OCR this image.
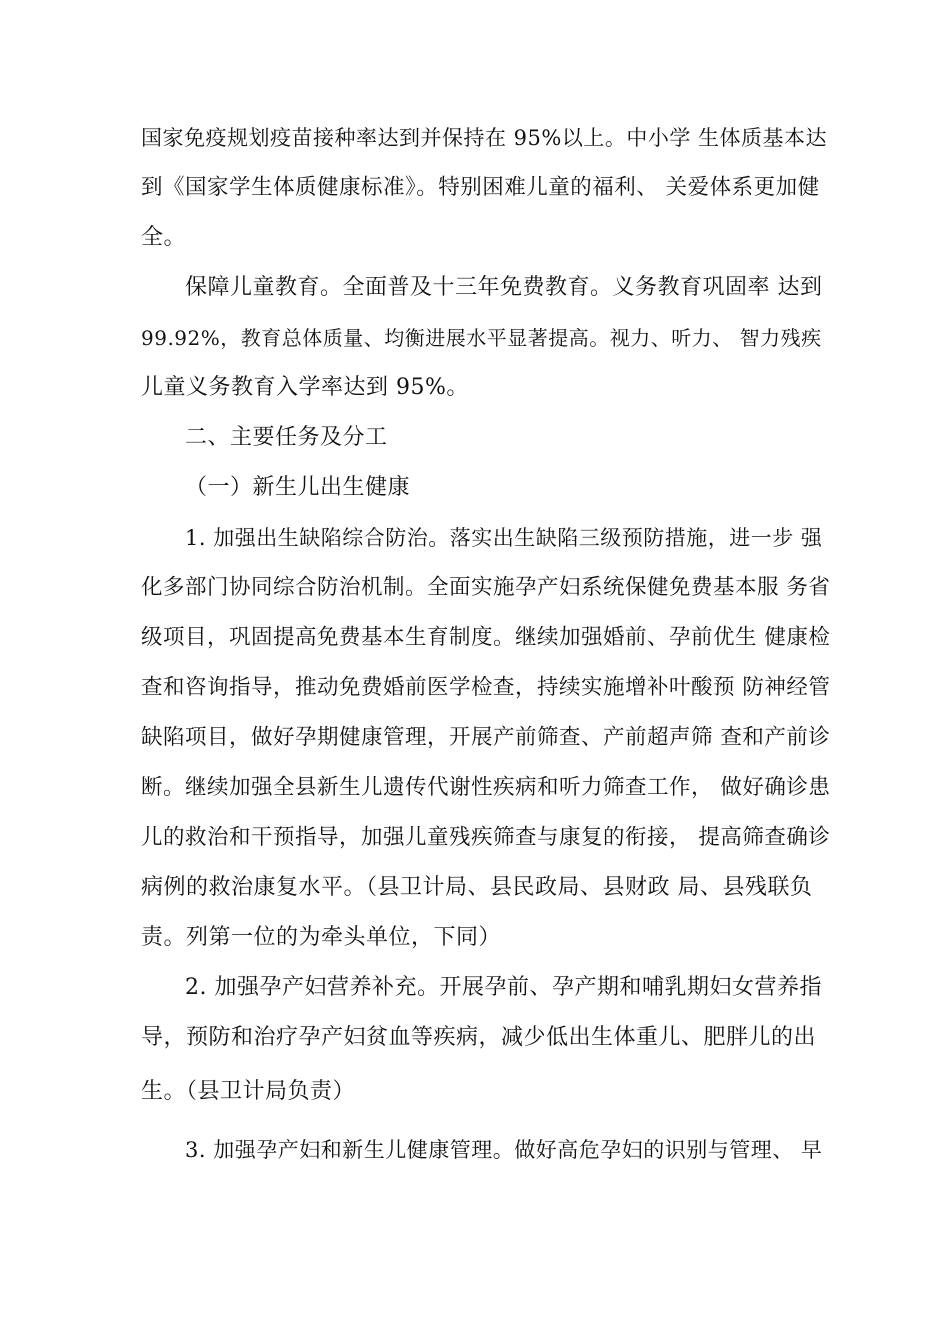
国家免疫规划疫苗接种率达到并保持在 95%以上。中小学 生体质基本达
到《国家学生体质健康标准》。特别困难儿童的福利、 关爱体系更加健
全。
保障儿童教育。全面普及十三年免费教育。义务教育巩固率 达到
99.92%，教育总体质量、均衡进展水平显著提高。视力、听力、 智力残疾
儿童义务教育入学率达到 95%。
二、主要任务及分工
（一）新生儿出生健康
1. 加强出生缺陷综合防治。落实出生缺陷三级预防措施，进一步 强
化多部门协同综合防治机制。全面实施孕产妇系统保健免费基本服 务省
级项目，巩固提高免费基本生育制度。继续加强婚前、孕前优生 健康检
查和咨询指导，推动免费婚前医学检查，持续实施增补叶酸预 防神经管
缺陷项目，做好孕期健康管理，开展产前筛查、产前超声筛 查和产前诊
断。继续加强全县新生儿遗传代谢性疾病和听力筛查工作， 做好确诊患
儿的救治和干预指导，加强儿童残疾筛查与康复的衔接， 提高筛查确诊
病例的救治康复水平。（县卫计局、县民政局、县财政 局、县残联负
责。列第一位的为牵头单位，下同）
2. 加强孕产妇营养补充。开展孕前、孕产期和哺乳期妇女营养指
导，预防和治疗孕产妇贫血等疾病，减少低出生体重儿、肥胖儿的出
生。（县卫计局负责）
3. 加强孕产妇和新生儿健康管理。做好高危孕妇的识别与管理、 早
